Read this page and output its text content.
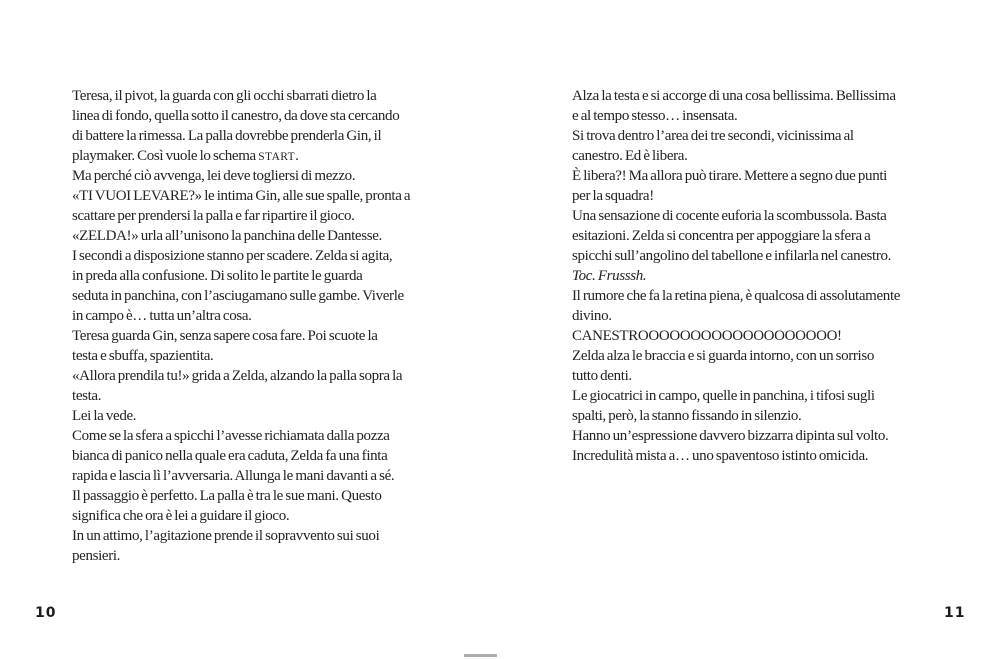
Teresa, il pivot, la guarda con gli occhi sbarrati dietro la
linea di fondo, quella sotto il canestro, da dove sta cercando
di battere la rimessa. La palla dovrebbe prenderla Gin, il
playmaker. Così vuole lo schema START.
Ma perché ciò avvenga, lei deve togliersi di mezzo.
«TI VUOI LEVARE?» le intima Gin, alle sue spalle, pronta a
scattare per prendersi la palla e far ripartire il gioco.
«ZELDA!» urla all’unisono la panchina delle Dantesse.
I secondi a disposizione stanno per scadere. Zelda si agita,
in preda alla confusione. Di solito le partite le guarda
seduta in panchina, con l’asciugamano sulle gambe. Viverle
in campo è… tutta un’altra cosa.
Teresa guarda Gin, senza sapere cosa fare. Poi scuote la
testa e sbuffa, spazientita.
«Allora prendila tu!» grida a Zelda, alzando la palla sopra la
testa.
Lei la vede.
Come se la sfera a spicchi l’avesse richiamata dalla pozza
bianca di panico nella quale era caduta, Zelda fa una finta
rapida e lascia lì l’avversaria. Allunga le mani davanti a sé.
Il passaggio è perfetto. La palla è tra le sue mani. Questo
significa che ora è lei a guidare il gioco.
In un attimo, l’agitazione prende il sopravvento sui suoi
pensieri.
Alza la testa e si accorge di una cosa bellissima. Bellissima
e al tempo stesso… insensata.
Si trova dentro l’area dei tre secondi, vicinissima al
canestro. Ed è libera.
È libera?! Ma allora può tirare. Mettere a segno due punti
per la squadra!
Una sensazione di cocente euforia la scombussola. Basta
esitazioni. Zelda si concentra per appoggiare la sfera a
spicchi sull’angolino del tabellone e infilarla nel canestro.
Toc. Frusssh.
Il rumore che fa la retina piena, è qualcosa di assolutamente
divino.
CANESTROOOOOOOOOOOOOOOOOOO!
Zelda alza le braccia e si guarda intorno, con un sorriso
tutto denti.
Le giocatrici in campo, quelle in panchina, i tifosi sugli
spalti, però, la stanno fissando in silenzio.
Hanno un’espressione davvero bizzarra dipinta sul volto.
Incredulità mista a… uno spaventoso istinto omicida.
10	11
